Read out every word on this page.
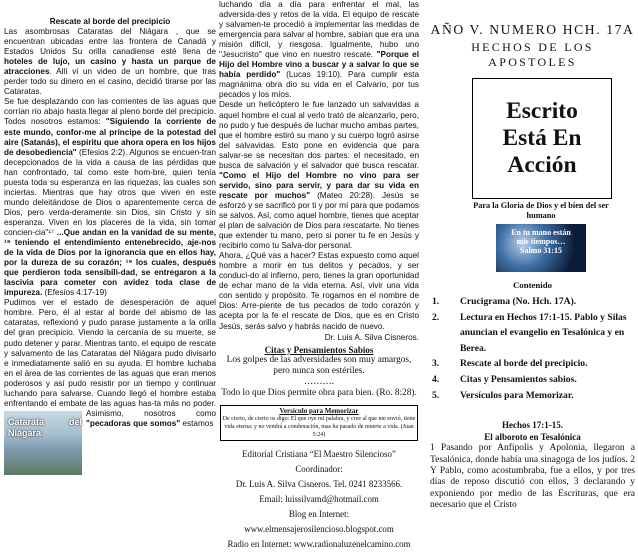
Rescate al borde del precipicio

Las asombrosas Cataratas del Niágara , que se encuentran ubicadas entre las frontera de Canadá y Estados Unidos Su orilla canadiense esté llena de hoteles de lujo, un casino y hasta un parque de atracciones. Allí vi un video de un hombre, que tras perder todo su dinero en el casino, decidió tirarse por las Cataratas.

Se fue desplazando con las corrientes de las aguas que corrían río abajo hasta llegar al pleno borde del precipicio. Todos nosotros estamos: "Siguiendo la corriente de este mundo, confor-me al príncipe de la potestad del aire (Satanás), el espíritu que ahora opera en los hijos de desobediencia" (Efesios 2:2). Algunos se encuen-tran decepcionados de la vida a causa de las pérdidas que han confrontado, tal como este hom-bre, quien tenía puesta toda su esperanza en las riquezas, las cuales son inciertas. Mientras que hay otros que viven en este mundo deleitándose de Dios o aparentemente cerca de Dios, pero verda-deramente sin Dios, sin Cristo y sin esperanza. Viven en los placeres de la vida, sin tomar concien-cia"¹⁷ ...Que andan en la vanidad de su mente, ¹⁸ teniendo el entendimiento entenebrecido, aje-nos de la vida de Dios por la ignorancia que en ellos hay, por la dureza de su corazón; ¹⁹ los cuales, después que perdieron toda sensibili-dad, se entregaron a la lascivia para cometer con avidez toda clase de impureza. (Efesios 4:17-19)

Pudimos ver el estado de desesperación de aquel hombre. Pero, él al estar al borde del abismo de las cataratas, reflexionó y pudo parase justamente a la orilla del gran precipicio. Viendo la cercanía de su muerte, se pudo detener y parar. Mientras tanto, el equipo de rescate y salvamento de las Cataratas del Niágara pudo divisarlo e inmediatamente salió en su ayuda. El hombre luchaba en el área de las corrientes de las aguas que eran menos poderosos y así pudo resistir por un tiempo y continuar luchando para salvarse. Cuando llegó el hombre estaba enfrentando el embate de las aguas has-ta más no poder. Asimismo, nosotros como
Catarata del Niágara
"pecadoras que somos" estamos

luchando día a día para enfrentar el mal, las adversida-des y retos de la vida. El equipo de rescate y salvamen-te procedió a implementar las medidas de emergencia para salvar al hombre, sabían que era una misión difícil, y riesgosa. Igualmente, hubo uno "Jesucristo" que vino en nuestro rescate. "Porque el Hijo del Hombre vino a buscar y a salvar lo que se había perdido" (Lucas 19:10). Para cumplir esta magnánima obra dio su vida en el Calvario, por tus pecados y los míos.

Desde un helicóptero le fue lanzado un salvavidas a aquel hombre el cual al verlo trató de alcanzarlo, pero, no pudo y fue después de luchar mucho ambas partes, que el hombre estiró su mano y su cuerpo logró asirse del salvavidas. Esto pone en evidencia que para salvar-se se necesitan dos partes: el necesitado, en busca de salvación y el salvador que busca rescatar. "Como el Hijo del Hombre no vino para ser servido, sino para servir, y para dar su vida en rescate por muchos" (Mateo 20:28). Jesús se esforzó y se sacrificó por ti y por mí para que podamos se salvos. Así, como aquel hombre, tienes que aceptar el plan de salvación de Dios para rescatarte. No tienes que extender tu mano, pero si poner tu fe en Jesús y recibirlo como tu Salva-dor personal.

Ahora, ¿Qué vas a hacer? Estas expuesto como aquel hombre a morir en tus delitos y pecados, y ser conduci-do al infierno, pero, tienes la gran oportunidad de echar mano de la vida eterna. Así, vivir una vida con sentido y propósito. Te rogamos en el nombre de Dios: Arre-piente de tus pecados de todo corazón y acepta por la fe el rescate de Dios, que es en Cristo Jesús, serás salvo y habrás nacido de nuevo.

Dr. Luis A. Silva Cisneros.

Citas y Pensamientos Sabios

Los golpes de las adversidades son muy amargos, pero nunca son estériles.

……….

Todo lo que Dios permite obra para bien. (Ro. 8:28).

Versículo para Memorizar
De cierto, de cierto os digo: El que oye mi palabra, y cree al que me envió, tiene vida eterna; y no vendrá a condenación, mas ha pasado de muerte a vida. (Juan 5:24)
Editorial Cristiana “El Maestro Silencioso” Coordinador:
Dr. Luis A. Silva Cisneros. Tel. 0241 8233566.
Email: luissilvamd@hotmail.com
Blog en Internet: www.elmensajerosilencioso.blogspot.com
Radio en Internet: www.radionaluzenelcamino.com
AÑO V. NUMERO HCH. 17A
HECHOS DE LOS APOSTOLES
Escrito
Está En
Acción
Para la Gloria de Dios y el bien del ser humano
En tu mano están
mis tiempos…
Salmo 31:15
Contenido
1.	Crucigrama (No. Hch. 17A).
2.	Lectura en Hechos 17:1-15. Pablo y Silas anuncian el evangelio en Tesalónica y en Berea.
3.	Rescate al borde del precipicio.
4.	Citas y Pensamientos sabios.
5.	Versículos para Memorizar.
Hechos 17:1-15.
El alboroto en Tesalónica
1 Pasando por Anfípolis y Apolonia, llegaron a Tesalónica, donde había una sinagoga de los judíos. 2 Y Pablo, como acostumbraba, fue a ellos, y por tres días de reposo discutió con ellos, 3 declarando y exponiendo por medio de las Escrituras, que era necesario que el Cristo
